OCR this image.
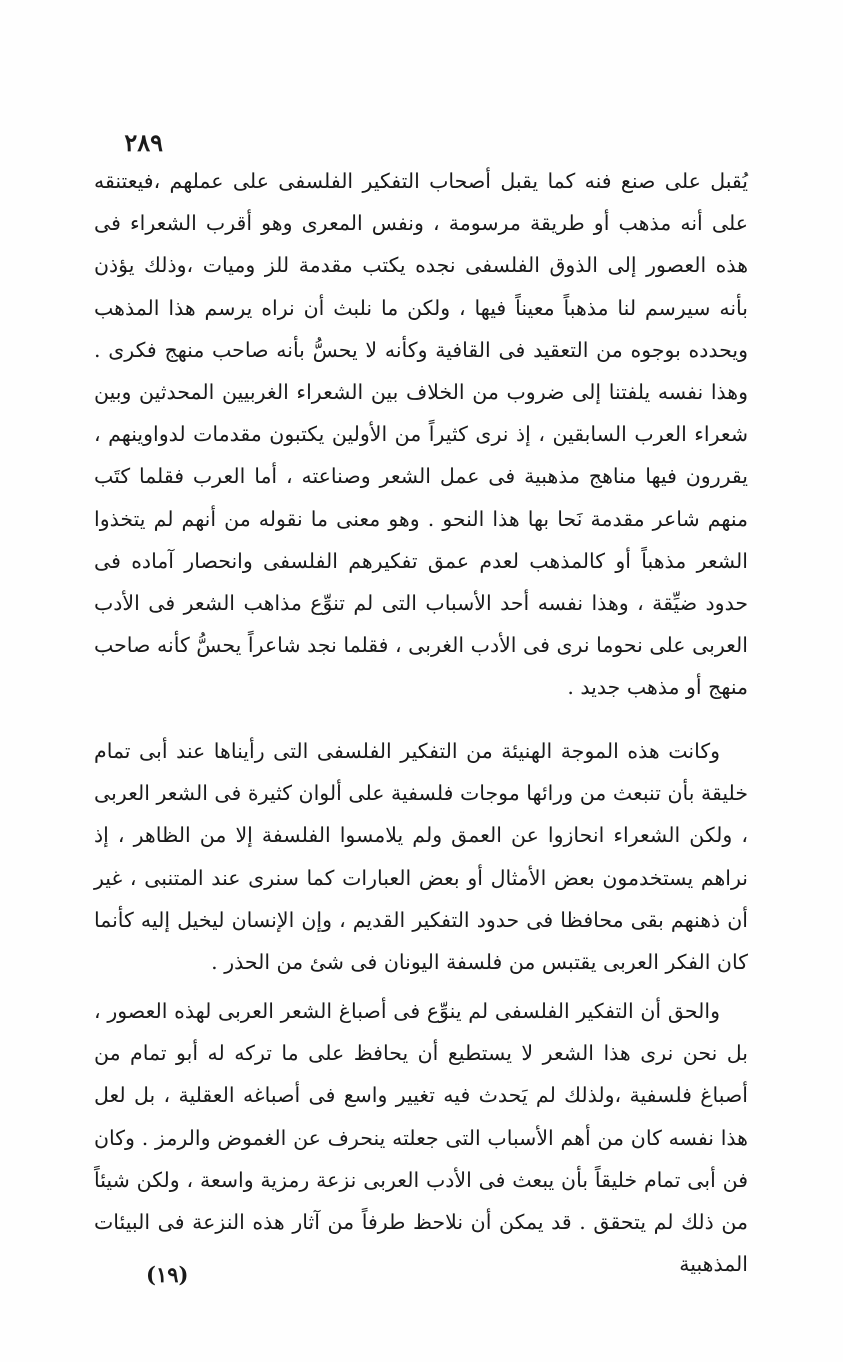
٢٨٩

يُقبل على صنع فنه كما يقبل أصحاب التفكير الفلسفى على عملهم ،فيعتنقه على أنه مذهب أو طريقة مرسومة ، ونفس المعرى وهو أقرب الشعراء فى هذه العصور إلى الذوق الفلسفى نجده يكتب مقدمة للز وميات ،وذلك يؤذن بأنه سيرسم لنا مذهباً معيناً فيها ، ولكن ما نلبث أن نراه يرسم هذا المذهب ويحدده بوجوه من التعقيد فى القافية وكأنه لا يحسُّ بأنه صاحب منهج فكرى . وهذا نفسه يلفتنا إلى ضروب من الخلاف بين الشعراء الغربيين المحدثين وبين شعراء العرب السابقين ، إذ نرى كثيراً من الأولين يكتبون مقدمات لدواوينهم ، يقررون فيها مناهج مذهبية فى عمل الشعر وصناعته ، أما العرب فقلما كتَب منهم شاعر مقدمة نَحا بها هذا النحو . وهو معنى ما نقوله من أنهم لم يتخذوا الشعر مذهباً أو كالمذهب لعدم عمق تفكيرهم الفلسفى وانحصار آماده فى حدود ضيِّقة ، وهذا نفسه أحد الأسباب التى لم تنوِّع مذاهب الشعر فى الأدب العربى على نحوما نرى فى الأدب الغربى ، فقلما نجد شاعراً يحسُّ كأنه صاحب منهج أو مذهب جديد .

وكانت هذه الموجة الهنيئة من التفكير الفلسفى التى رأيناها عند أبى تمام خليقة بأن تنبعث من ورائها موجات فلسفية على ألوان كثيرة فى الشعر العربى ، ولكن الشعراء انحازوا عن العمق ولم يلامسوا الفلسفة إلا من الظاهر ، إذ نراهم يستخدمون بعض الأمثال أو بعض العبارات كما سنرى عند المتنبى ، غير أن ذهنهم بقى محافظا فى حدود التفكير القديم ، وإن الإنسان ليخيل إليه كأنما كان الفكر العربى يقتبس من فلسفة اليونان فى شئ من الحذر .

والحق أن التفكير الفلسفى لم ينوِّع فى أصباغ الشعر العربى لهذه العصور ، بل نحن نرى هذا الشعر لا يستطيع أن يحافظ على ما تركه له أبو تمام من أصباغ فلسفية ،ولذلك لم يَحدث فيه تغيير واسع فى أصباغه العقلية ، بل لعل هذا نفسه كان من أهم الأسباب التى جعلته ينحرف عن الغموض والرمز . وكان فن أبى تمام خليقاً بأن يبعث فى الأدب العربى نزعة رمزية واسعة ، ولكن شيئاً من ذلك لم يتحقق . قد يمكن أن نلاحظ طرفاً من آثار هذه النزعة فى البيئات المذهبية

(١٩)
